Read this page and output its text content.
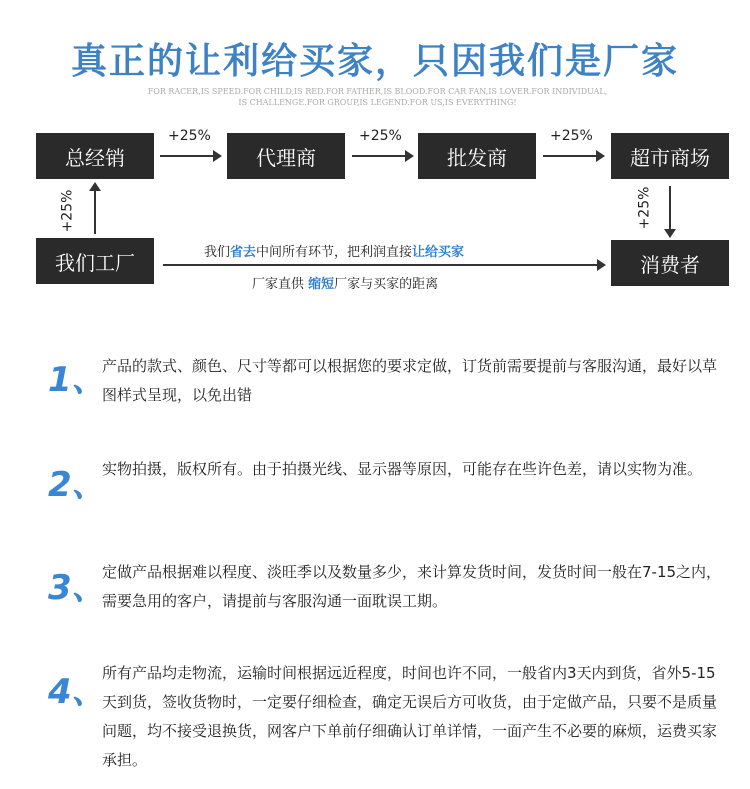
真正的让利给买家，只因我们是厂家
FOR RACER,IS SPEED.FOR CHILD,IS RED.FOR FATHER,IS BLOOD.FOR CAR FAN,IS LOVER.FOR INDIVIDUAL,
IS CHALLENGE.FOR GROUP,IS LEGEND.FOR US,IS EVERYTHING!
总经销	代理商	批发商	超市商场
我们工厂	消费者
+25%	+25%	+25%
+25%	+25%
我们省去中间所有环节，把利润直接让给买家
厂家直供 缩短厂家与买家的距离
1、
产品的款式、颜色、尺寸等都可以根据您的要求定做，订货前需要提前与客服沟通，最好以草图样式呈现，以免出错
2、
实物拍摄，版权所有。由于拍摄光线、显示器等原因，可能存在些许色差，请以实物为准。
3、
定做产品根据难以程度、淡旺季以及数量多少，来计算发货时间，发货时间一般在7-15之内，需要急用的客户，请提前与客服沟通一面耽误工期。
4、
所有产品均走物流，运输时间根据远近程度，时间也许不同，一般省内3天内到货，省外5-15天到货，签收货物时，一定要仔细检查，确定无误后方可收货，由于定做产品，只要不是质量问题，均不接受退换货，网客户下单前仔细确认订单详情，一面产生不必要的麻烦，运费买家承担。
